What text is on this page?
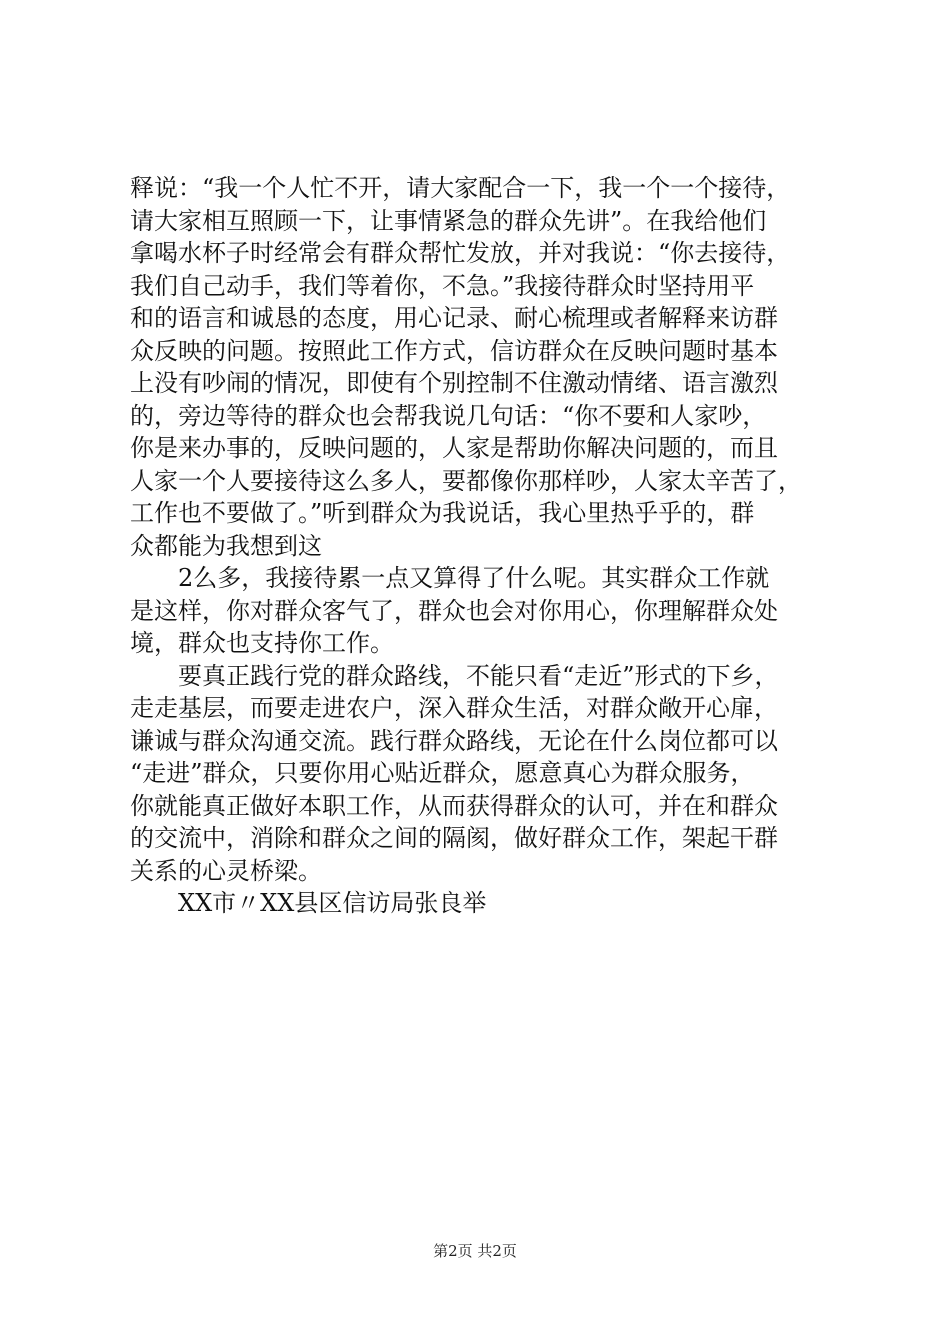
释说：“我一个人忙不开，请大家配合一下，我一个一个接待，
请大家相互照顾一下，让事情紧急的群众先讲”。在我给他们
拿喝水杯子时经常会有群众帮忙发放，并对我说：“你去接待，
我们自己动手，我们等着你，不急。”我接待群众时坚持用平
和的语言和诚恳的态度，用心记录、耐心梳理或者解释来访群
众反映的问题。按照此工作方式，信访群众在反映问题时基本
上没有吵闹的情况，即使有个别控制不住激动情绪、语言激烈
的，旁边等待的群众也会帮我说几句话：“你不要和人家吵，
你是来办事的，反映问题的，人家是帮助你解决问题的，而且
人家一个人要接待这么多人，要都像你那样吵，人家太辛苦了，
工作也不要做了。”听到群众为我说话，我心里热乎乎的，群
众都能为我想到这
2么多，我接待累一点又算得了什么呢。其实群众工作就
是这样，你对群众客气了，群众也会对你用心，你理解群众处
境，群众也支持你工作。
要真正践行党的群众路线，不能只看“走近”形式的下乡，
走走基层，而要走进农户，深入群众生活，对群众敞开心扉，
谦诚与群众沟通交流。践行群众路线，无论在什么岗位都可以
“走进”群众，只要你用心贴近群众，愿意真心为群众服务，
你就能真正做好本职工作，从而获得群众的认可，并在和群众
的交流中，消除和群众之间的隔阂，做好群众工作，架起干群
关系的心灵桥梁。
XX市〃XX县区信访局张良举
第2页 共2页
